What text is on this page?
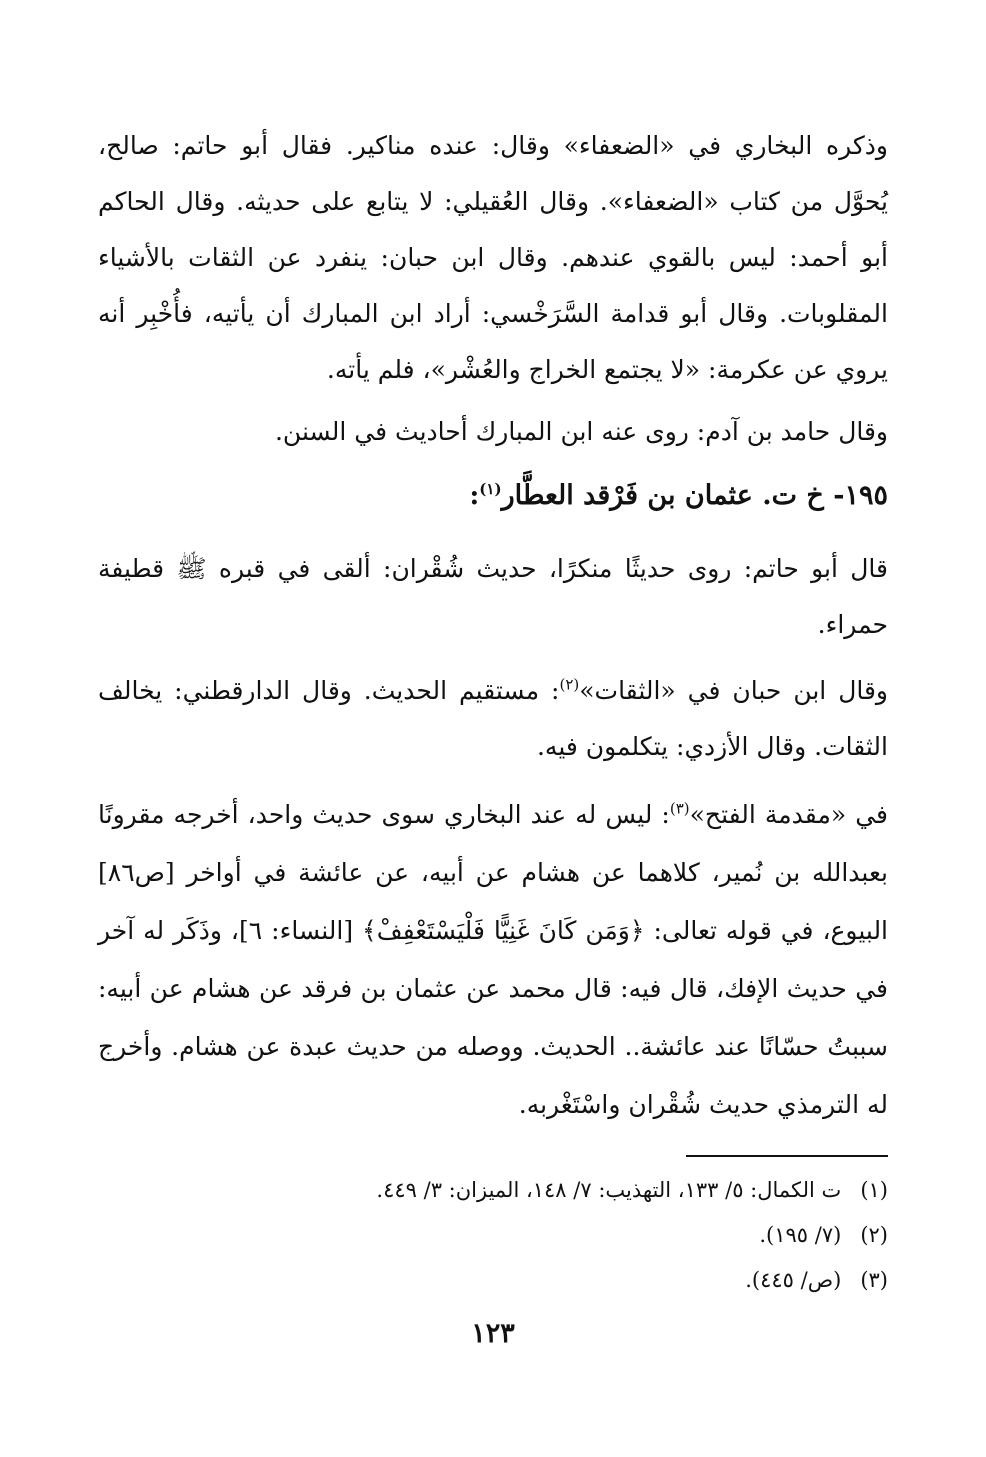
وذكره البخاري في «الضعفاء» وقال: عنده مناكير. فقال أبو حاتم: صالح، يُحوَّل من كتاب «الضعفاء». وقال العُقيلي: لا يتابع على حديثه. وقال الحاكم أبو أحمد: ليس بالقوي عندهم. وقال ابن حبان: ينفرد عن الثقات بالأشياء المقلوبات. وقال أبو قدامة السَّرَخْسي: أراد ابن المبارك أن يأتيه، فأُخْبِر أنه يروي عن عكرمة: «لا يجتمع الخراج والعُشْر»، فلم يأته.

وقال حامد بن آدم: روى عنه ابن المبارك أحاديث في السنن.

١٩٥- خ ت. عثمان بن فَرْقد العطَّار$^{(١)}$:

قال أبو حاتم: روى حديثًا منكرًا، حديث شُقْران: ألقى في قبره ﷺ قطيفة حمراء.

وقال ابن حبان في «الثقات»$^{(٢)}$: مستقيم الحديث. وقال الدارقطني: يخالف الثقات. وقال الأزدي: يتكلمون فيه.

في «مقدمة الفتح»$^{(٣)}$: ليس له عند البخاري سوى حديث واحد، أخرجه مقرونًا بعبدالله بن نُمير، كلاهما عن هشام عن أبيه، عن عائشة في أواخر [ص٨٦] البيوع، في قوله تعالى: ﴿وَمَن كَانَ غَنِيًّا فَلْيَسْتَعْفِفْ﴾ [النساء: ٦]، وذَكَر له آخر في حديث الإفك، قال فيه: قال محمد عن عثمان بن فرقد عن هشام عن أبيه: سببتُ حسّانًا عند عائشة.. الحديث. ووصله من حديث عبدة عن هشام. وأخرج له الترمذي حديث شُقْران واسْتَغْربه.

(١) ت الكمال: ٥/ ١٣٣، التهذيب: ٧/ ١٤٨، الميزان: ٣/ ٤٤٩.
(٢) (٧/ ١٩٥).
(٣) (ص/ ٤٤٥).
١٢٣
